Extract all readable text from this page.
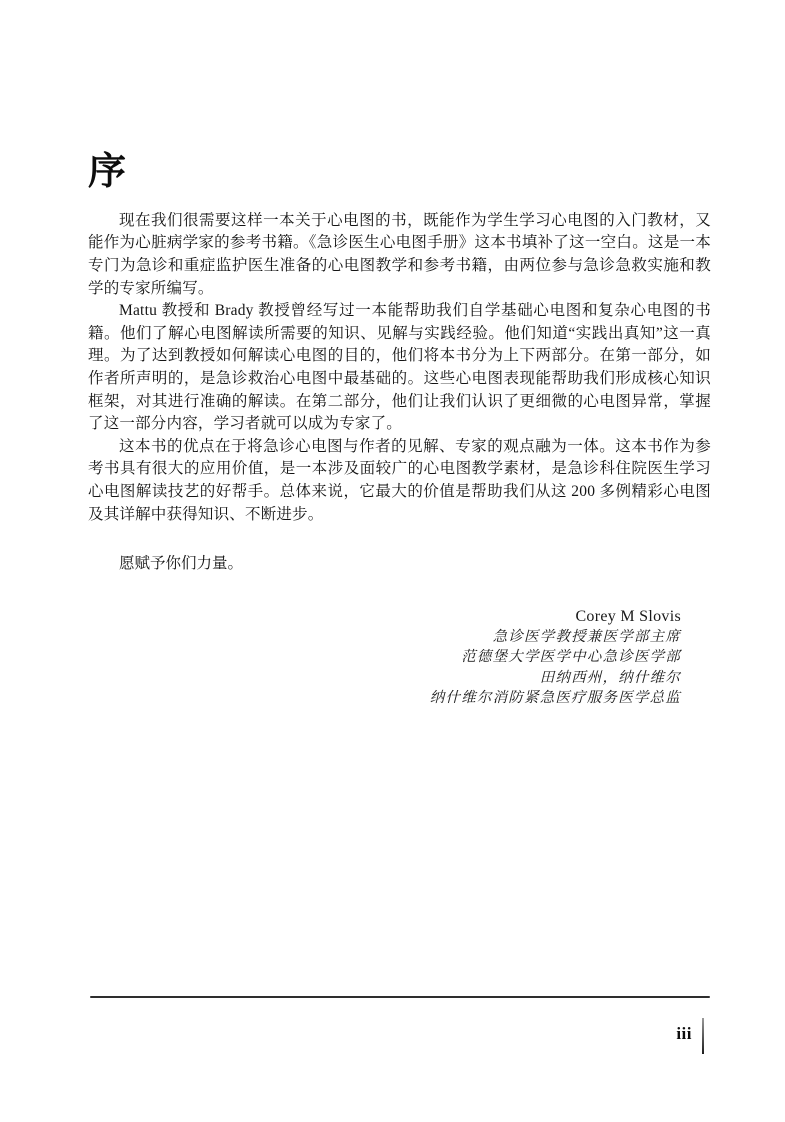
序

现在我们很需要这样一本关于心电图的书，既能作为学生学习心电图的入门教材，又能作为心脏病学家的参考书籍。《急诊医生心电图手册》这本书填补了这一空白。这是一本专门为急诊和重症监护医生准备的心电图教学和参考书籍，由两位参与急诊急救实施和教学的专家所编写。

Mattu 教授和 Brady 教授曾经写过一本能帮助我们自学基础心电图和复杂心电图的书籍。他们了解心电图解读所需要的知识、见解与实践经验。他们知道“实践出真知”这一真理。为了达到教授如何解读心电图的目的，他们将本书分为上下两部分。在第一部分，如作者所声明的，是急诊救治心电图中最基础的。这些心电图表现能帮助我们形成核心知识框架，对其进行准确的解读。在第二部分，他们让我们认识了更细微的心电图异常，掌握了这一部分内容，学习者就可以成为专家了。

这本书的优点在于将急诊心电图与作者的见解、专家的观点融为一体。这本书作为参考书具有很大的应用价值，是一本涉及面较广的心电图教学素材，是急诊科住院医生学习心电图解读技艺的好帮手。总体来说，它最大的价值是帮助我们从这 200 多例精彩心电图及其详解中获得知识、不断进步。

愿赋予你们力量。

Corey M Slovis
急诊医学教授兼医学部主席
范德堡大学医学中心急诊医学部
田纳西州，纳什维尔
纳什维尔消防紧急医疗服务医学总监
iii
